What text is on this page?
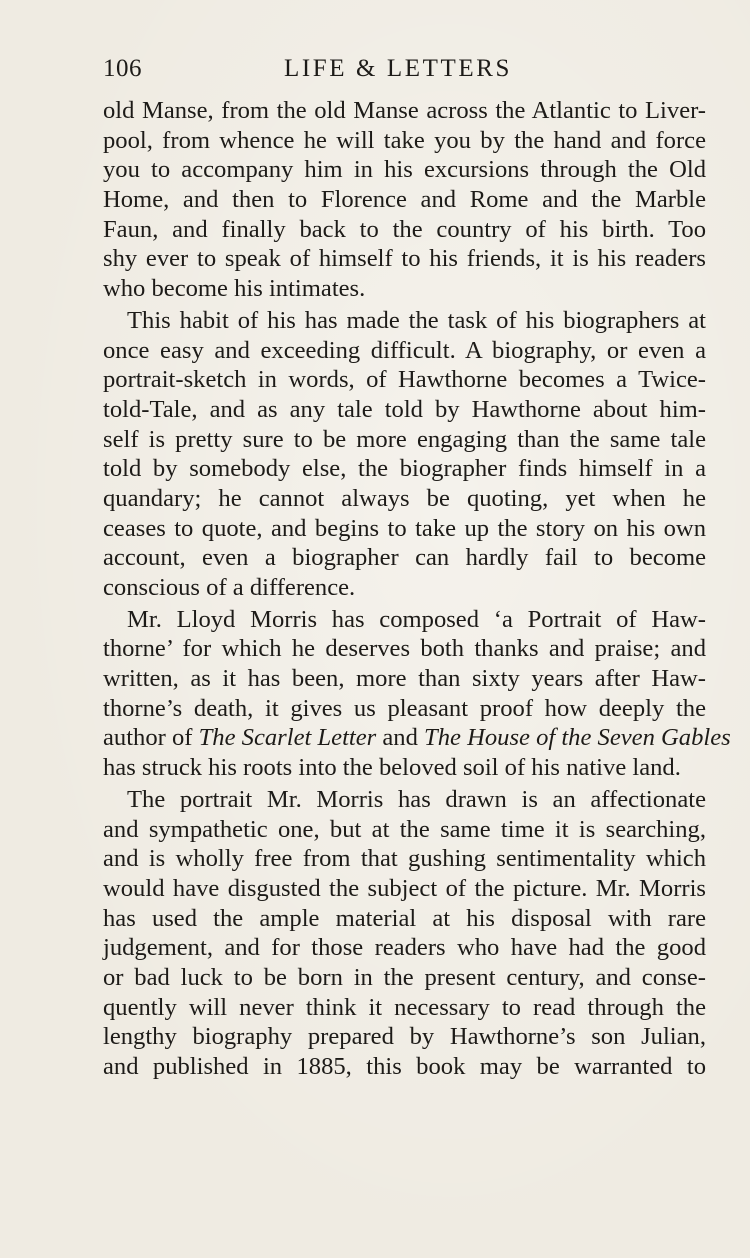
106	LIFE & LETTERS
old Manse, from the old Manse across the Atlantic to Liver-
pool, from whence he will take you by the hand and force
you to accompany him in his excursions through the Old
Home, and then to Florence and Rome and the Marble
Faun, and finally back to the country of his birth. Too
shy ever to speak of himself to his friends, it is his readers
who become his intimates.
This habit of his has made the task of his biographers at
once easy and exceeding difficult. A biography, or even a
portrait-sketch in words, of Hawthorne becomes a Twice-
told-Tale, and as any tale told by Hawthorne about him-
self is pretty sure to be more engaging than the same tale
told by somebody else, the biographer finds himself in a
quandary; he cannot always be quoting, yet when he
ceases to quote, and begins to take up the story on his own
account, even a biographer can hardly fail to become
conscious of a difference.
Mr. Lloyd Morris has composed ‘a Portrait of Haw-
thorne’ for which he deserves both thanks and praise; and
written, as it has been, more than sixty years after Haw-
thorne’s death, it gives us pleasant proof how deeply the
author of The Scarlet Letter and The House of the Seven Gables
has struck his roots into the beloved soil of his native land.
The portrait Mr. Morris has drawn is an affectionate
and sympathetic one, but at the same time it is searching,
and is wholly free from that gushing sentimentality which
would have disgusted the subject of the picture. Mr. Morris
has used the ample material at his disposal with rare
judgement, and for those readers who have had the good
or bad luck to be born in the present century, and conse-
quently will never think it necessary to read through the
lengthy biography prepared by Hawthorne’s son Julian,
and published in 1885, this book may be warranted to
